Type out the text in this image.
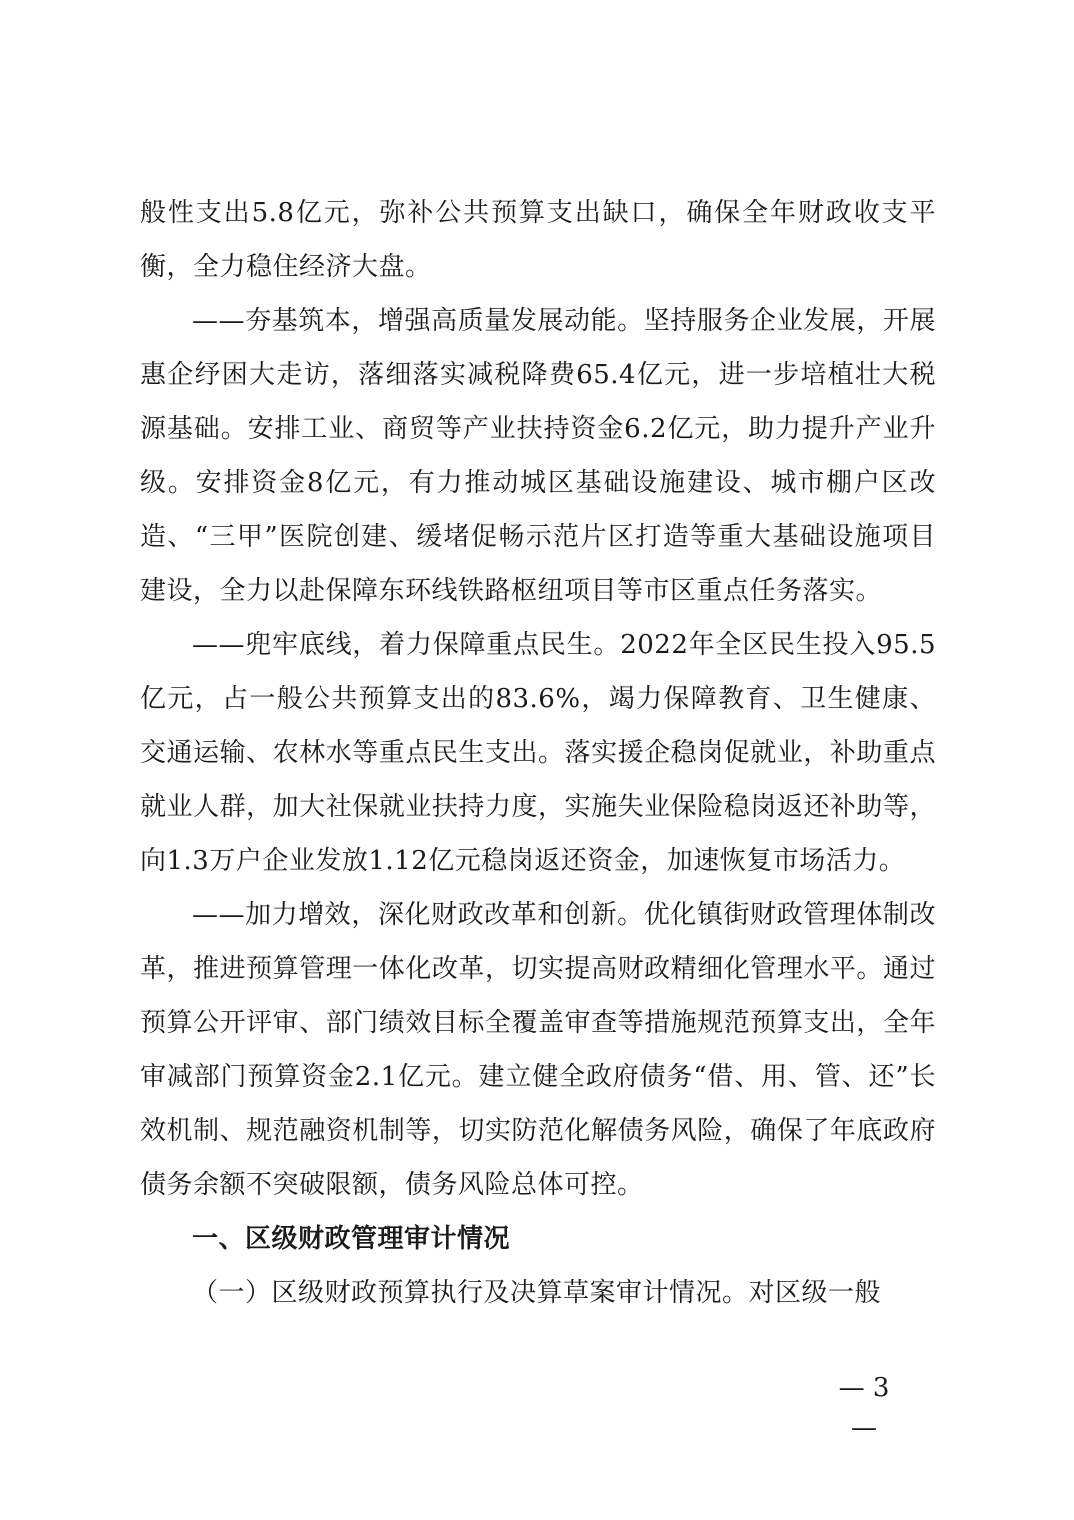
般性支出5.8亿元，弥补公共预算支出缺口，确保全年财政收支平衡，全力稳住经济大盘。

——夯基筑本，增强高质量发展动能。坚持服务企业发展，开展惠企纾困大走访，落细落实减税降费65.4亿元，进一步培植壮大税源基础。安排工业、商贸等产业扶持资金6.2亿元，助力提升产业升级。安排资金8亿元，有力推动城区基础设施建设、城市棚户区改造、“三甲”医院创建、缓堵促畅示范片区打造等重大基础设施项目建设，全力以赴保障东环线铁路枢纽项目等市区重点任务落实。

——兜牢底线，着力保障重点民生。2022年全区民生投入95.5亿元，占一般公共预算支出的83.6%，竭力保障教育、卫生健康、交通运输、农林水等重点民生支出。落实援企稳岗促就业，补助重点就业人群，加大社保就业扶持力度，实施失业保险稳岗返还补助等，向1.3万户企业发放1.12亿元稳岗返还资金，加速恢复市场活力。

——加力增效，深化财政改革和创新。优化镇街财政管理体制改革，推进预算管理一体化改革，切实提高财政精细化管理水平。通过预算公开评审、部门绩效目标全覆盖审查等措施规范预算支出，全年审减部门预算资金2.1亿元。建立健全政府债务“借、用、管、还”长效机制、规范融资机制等，切实防范化解债务风险，确保了年底政府债务余额不突破限额，债务风险总体可控。

一、区级财政管理审计情况

（一）区级财政预算执行及决算草案审计情况。对区级一般

— 3 —
